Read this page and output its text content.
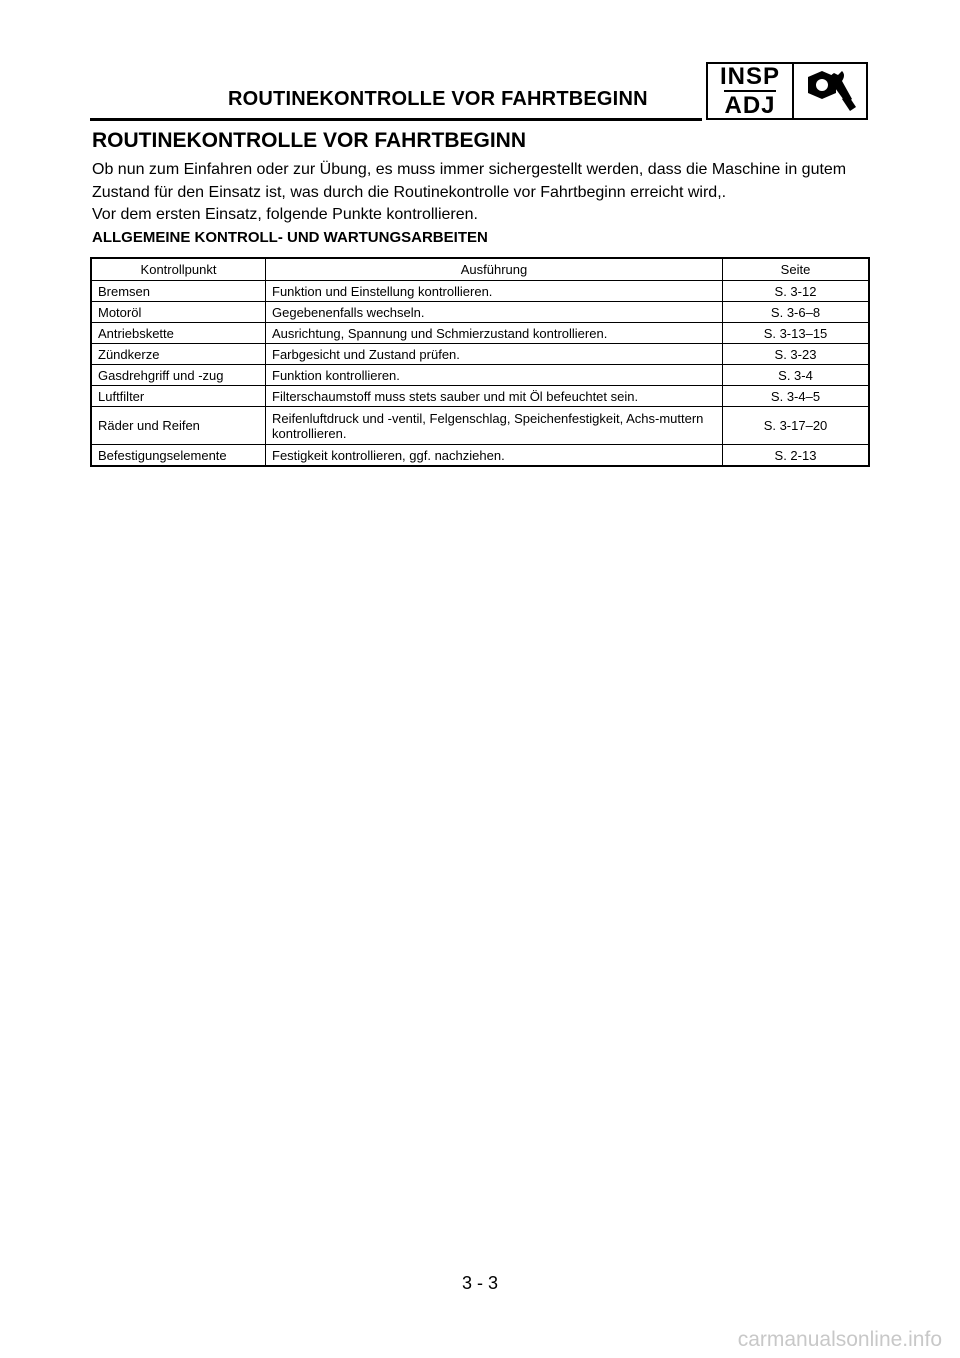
ROUTINEKONTROLLE VOR FAHRTBEGINN
INSP
ADJ
ROUTINEKONTROLLE VOR FAHRTBEGINN

Ob nun zum Einfahren oder zur Übung, es muss immer sichergestellt werden, dass die Maschine in gutem Zustand für den Einsatz ist, was durch die Routinekontrolle vor Fahrtbeginn erreicht wird,.

Vor dem ersten Einsatz, folgende Punkte kontrollieren.

ALLGEMEINE KONTROLL- UND WARTUNGSARBEITEN
Kontrollpunkt	Ausführung	Seite
Bremsen	Funktion und Einstellung kontrollieren.	S. 3-12
Motoröl	Gegebenenfalls wechseln.	S. 3-6–8
Antriebskette	Ausrichtung, Spannung und Schmierzustand kontrollieren.	S. 3-13–15
Zündkerze	Farbgesicht und Zustand prüfen.	S. 3-23
Gasdrehgriff und -zug	Funktion kontrollieren.	S. 3-4
Luftfilter	Filterschaumstoff muss stets sauber und mit Öl befeuchtet sein.	S. 3-4–5
Räder und Reifen	Reifenluftdruck und -ventil, Felgenschlag, Speichenfestigkeit, Achs-muttern kontrollieren.	S. 3-17–20
Befestigungselemente	Festigkeit kontrollieren, ggf. nachziehen.	S. 2-13
3 - 3
carmanualsonline.info
